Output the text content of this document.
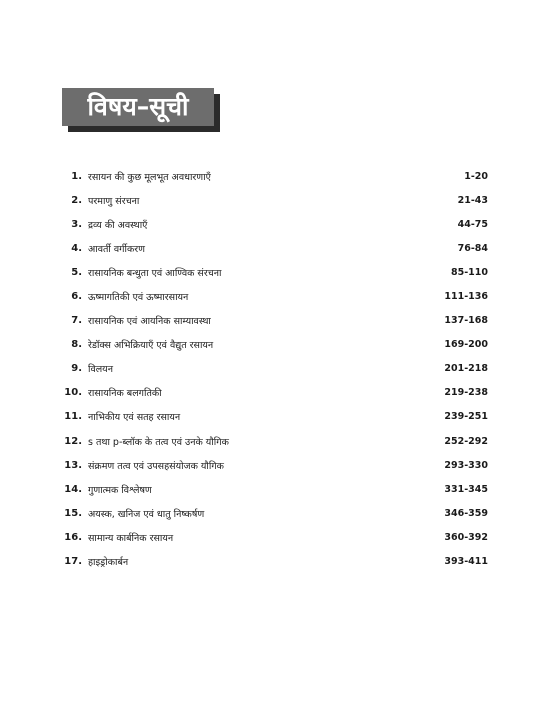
विषय–सूची
1. रसायन की कुछ मूलभूत अवधारणाएँ	1-20
2. परमाणु संरचना	21-43
3. द्रव्य की अवस्थाएँ	44-75
4. आवर्ती वर्गीकरण	76-84
5. रासायनिक बन्धुता एवं आण्विक संरचना	85-110
6. ऊष्मागतिकी एवं ऊष्मारसायन	111-136
7. रासायनिक एवं आयनिक साम्यावस्था	137-168
8. रेडॉक्स अभिक्रियाएँ एवं वैद्युत रसायन	169-200
9. विलयन	201-218
10. रासायनिक बलगतिकी	219-238
11. नाभिकीय एवं सतह रसायन	239-251
12. s तथा p-ब्लॉक के तत्व एवं उनके यौगिक	252-292
13. संक्रमण तत्व एवं उपसहसंयोजक यौगिक	293-330
14. गुणात्मक विश्लेषण	331-345
15. अयस्क, खनिज एवं धातु निष्कर्षण	346-359
16. सामान्य कार्बनिक रसायन	360-392
17. हाइड्रोकार्बन	393-411
